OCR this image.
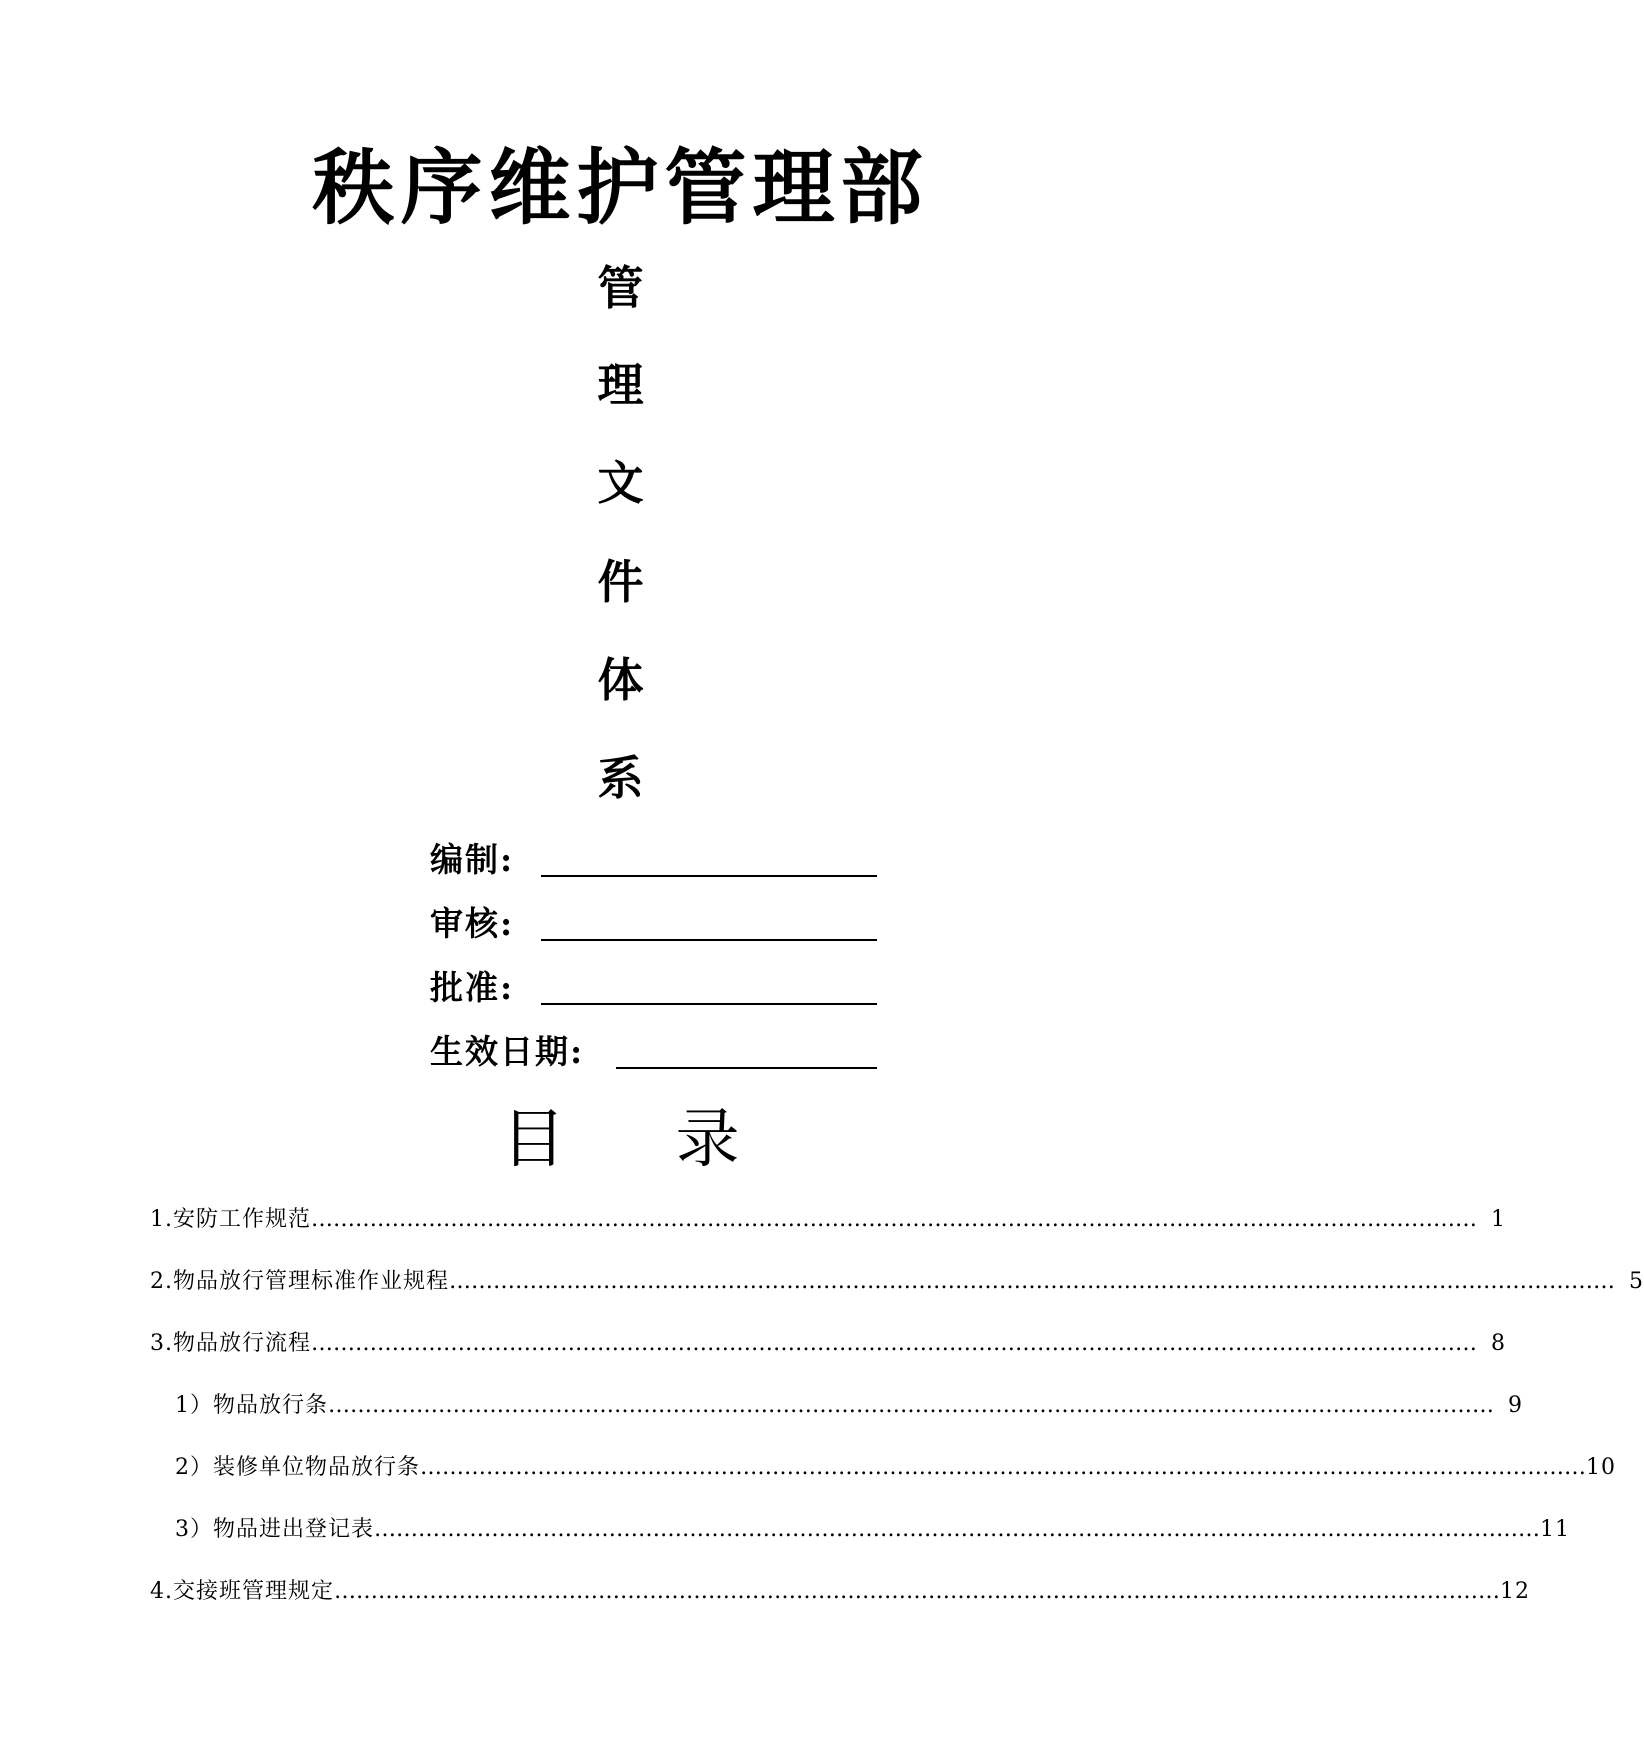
秩序维护管理部
管
理
文
件
体
系
编制:
审核:
批准:
生效日期:
目 录
1. 安防工作规范 …………………………………………………………………………………………………………………………………………… 1
2. 物品放行管理标准作业规程 …………………………………………………………………………………………………………………………………………… 5
3. 物品放行流程 …………………………………………………………………………………………………………………………………………… 8
1） 物品放行条 …………………………………………………………………………………………………………………………………………… 9
2） 装修单位物品放行条 …………………………………………………………………………………………………………………………………………… 10
3） 物品进出登记表 …………………………………………………………………………………………………………………………………………… 11
4. 交接班管理规定 …………………………………………………………………………………………………………………………………………… 12
